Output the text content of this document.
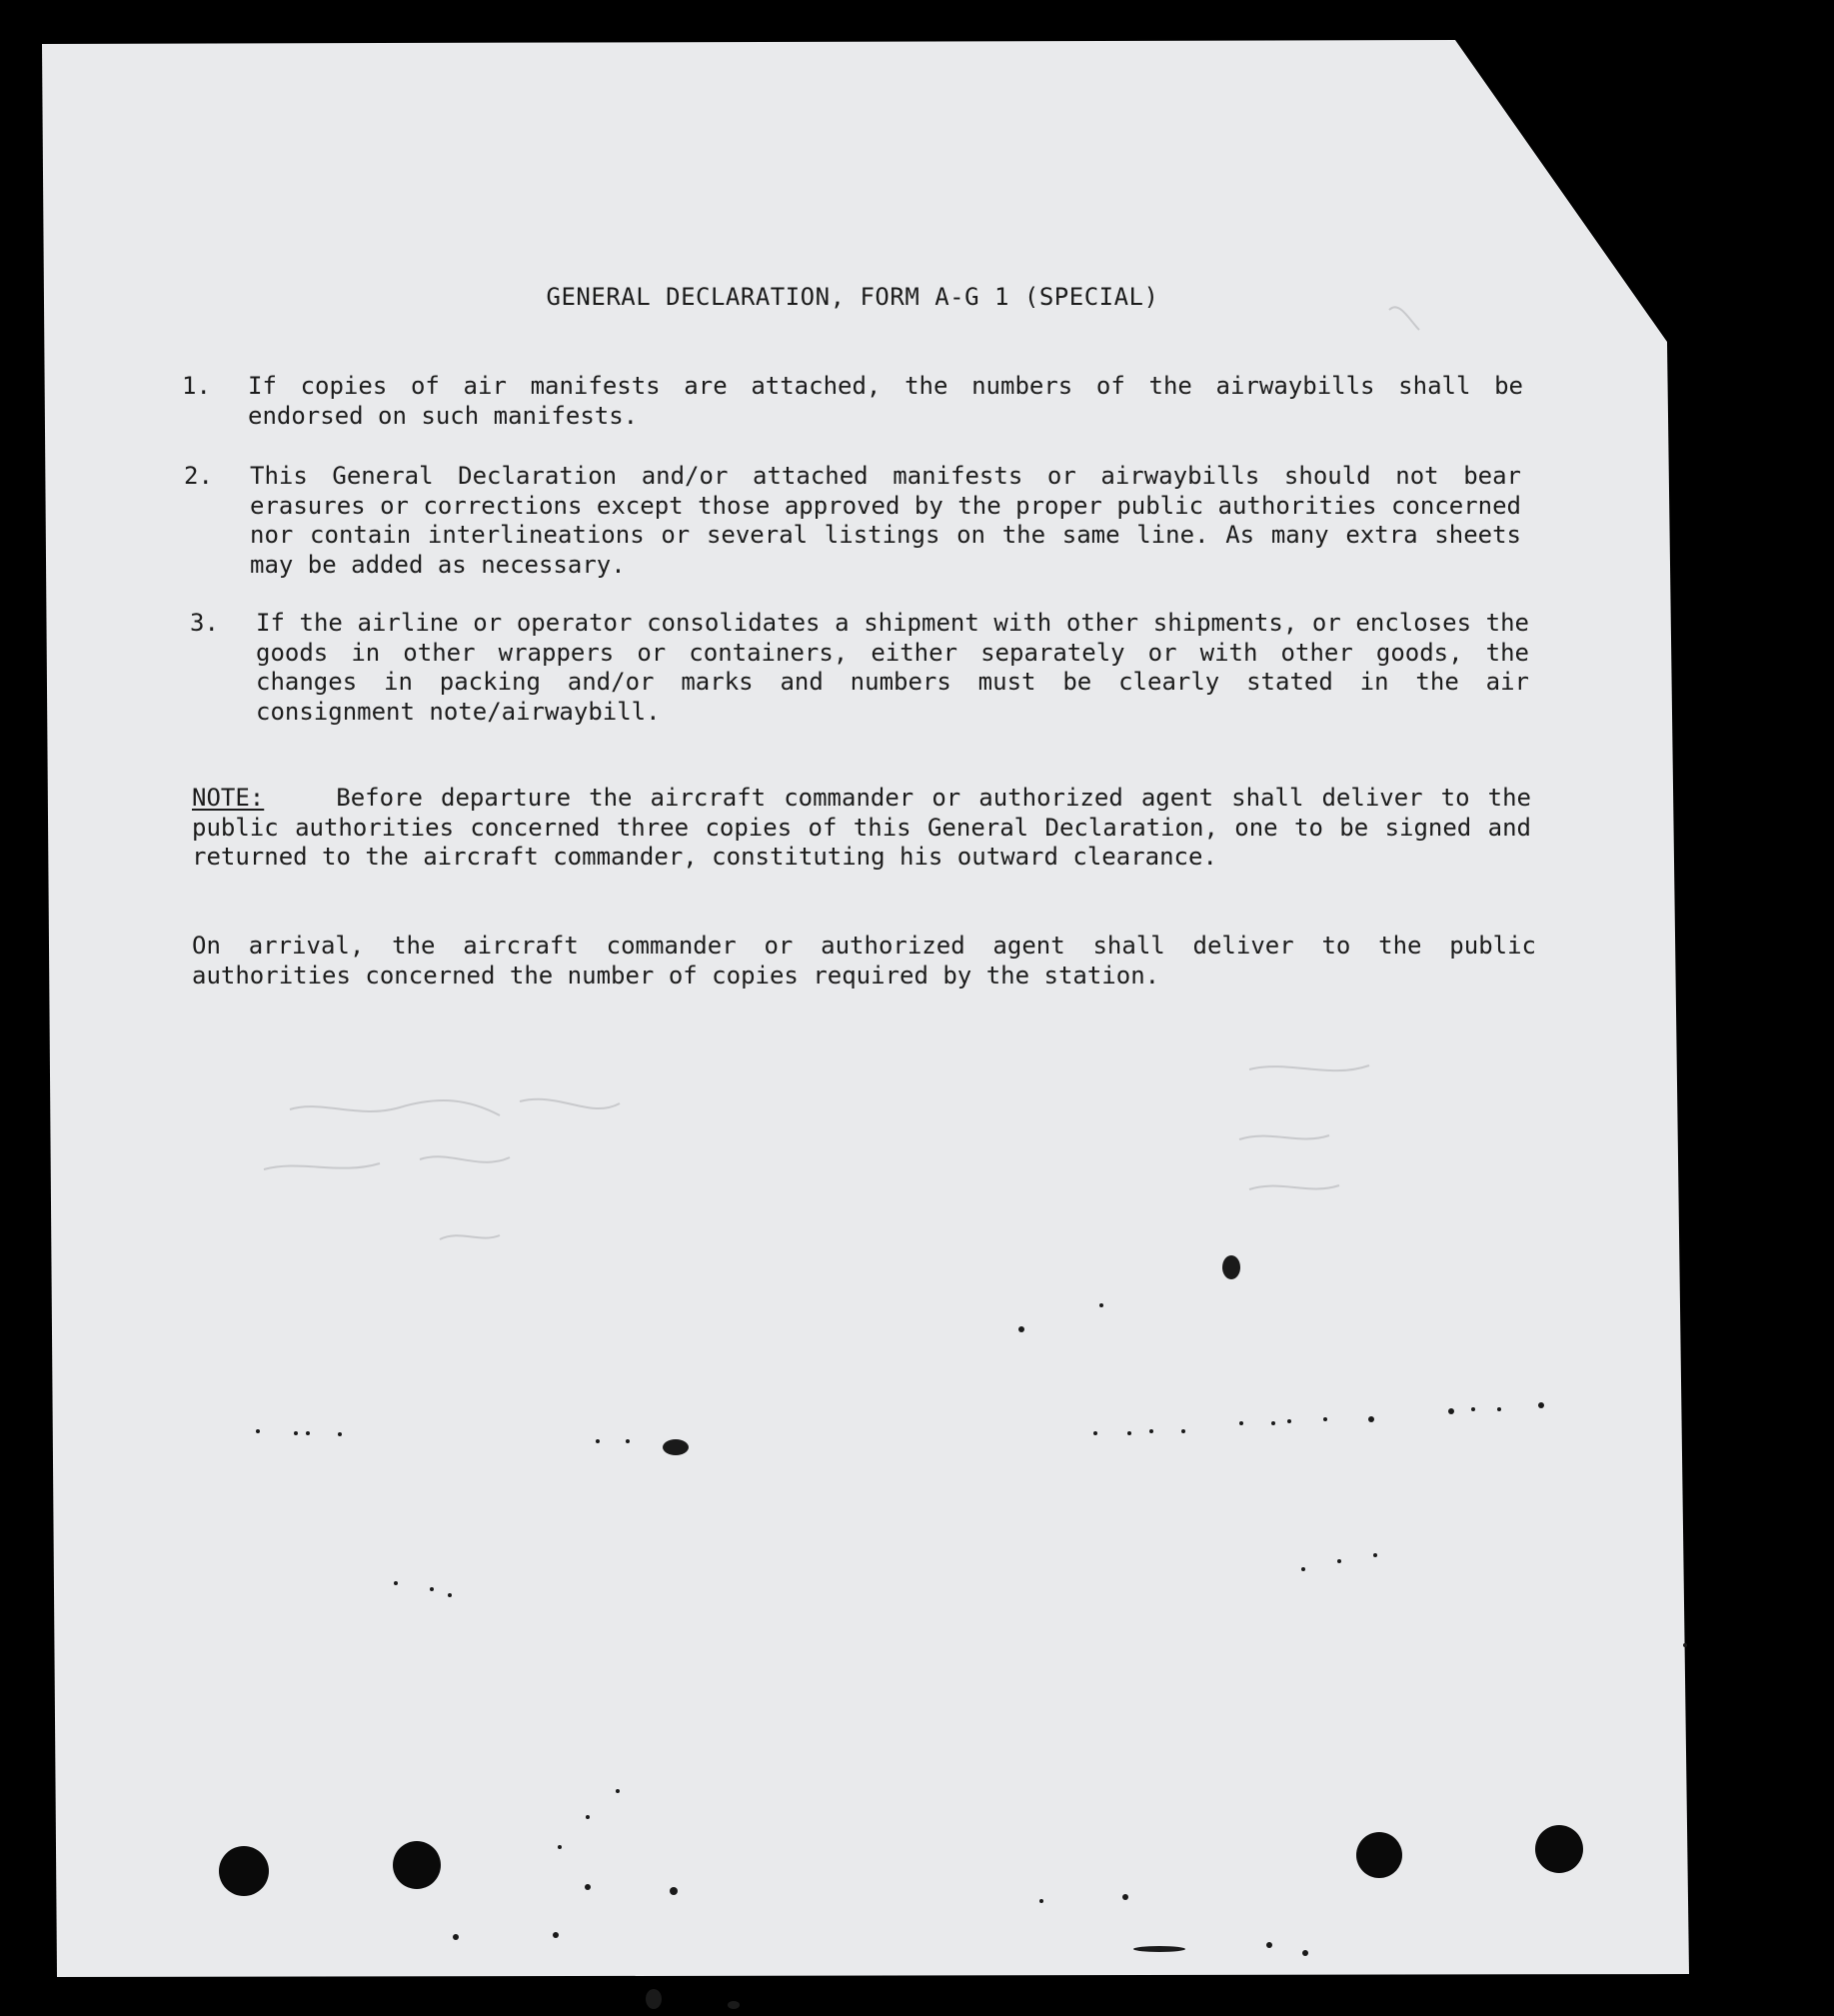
GENERAL DECLARATION, FORM A-G 1 (SPECIAL)
1. If copies of air manifests are attached, the numbers of the airwaybills shall be endorsed on such manifests.
2. This General Declaration and/or attached manifests or airwaybills should not bear erasures or corrections except those approved by the proper public authorities concerned nor contain interlineations or several listings on the same line. As many extra sheets may be added as necessary.
3. If the airline or operator consolidates a shipment with other shipments, or encloses the goods in other wrappers or containers, either separately or with other goods, the changes in packing and/or marks and numbers must be clearly stated in the air consignment note/airwaybill.

NOTE:	Before departure the aircraft commander or authorized agent shall deliver to the public authorities concerned three copies of this General Declaration, one to be signed and returned to the aircraft commander, constituting his outward clearance.

On arrival, the aircraft commander or authorized agent shall deliver to the public authorities concerned the number of copies required by the station.
